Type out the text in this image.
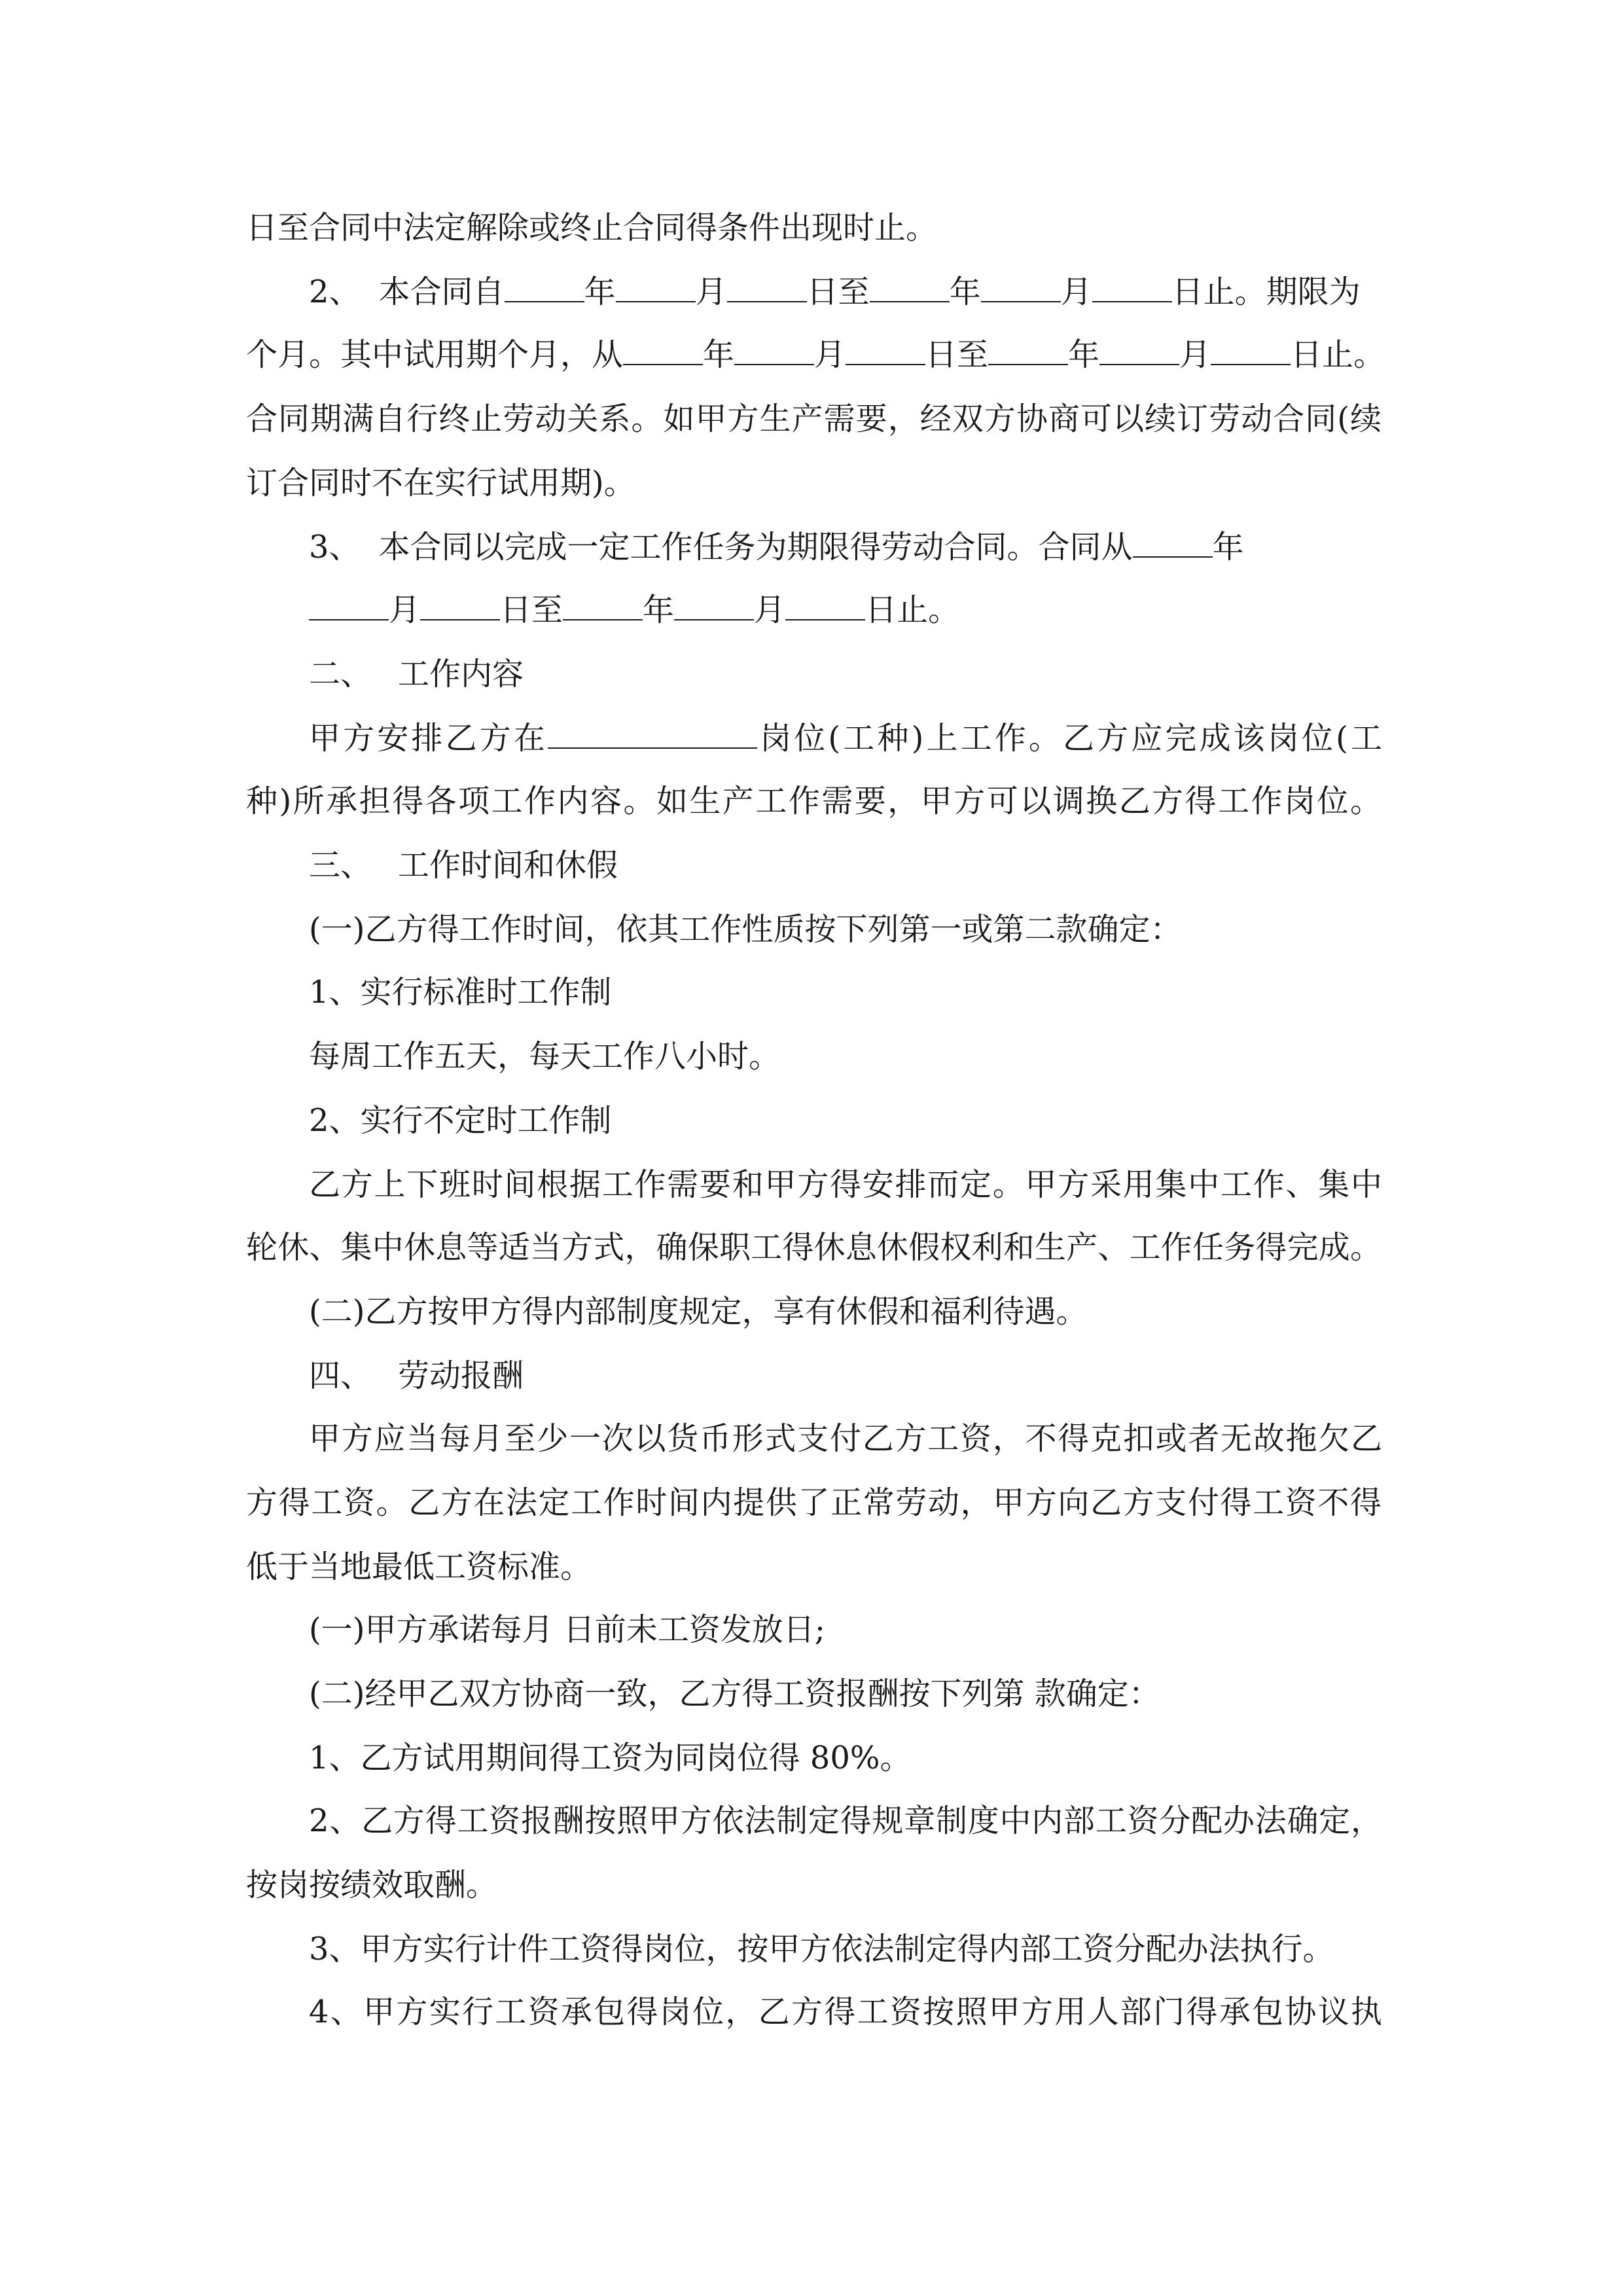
日至合同中法定解除或终止合同得条件出现时止。
2、 本合同自	年	月	日至	年	月	日止。期限为
个月。其中试用期个月，从	年	月	日至	年	月	日止。
合同期满自行终止劳动关系。如甲方生产需要，经双方协商可以续订劳动合同(续
订合同时不在实行试用期)。
3、 本合同以完成一定工作任务为期限得劳动合同。合同从	年
月	日至	年	月	日止。
二、 工作内容
甲方安排乙方在	岗位(工种)上工作。乙方应完成该岗位(工
种)所承担得各项工作内容。如生产工作需要，甲方可以调换乙方得工作岗位。
三、 工作时间和休假
(一)乙方得工作时间，依其工作性质按下列第一或第二款确定：
1、实行标准时工作制
每周工作五天，每天工作八小时。
2、实行不定时工作制
乙方上下班时间根据工作需要和甲方得安排而定。甲方采用集中工作、集中
轮休、集中休息等适当方式，确保职工得休息休假权利和生产、工作任务得完成。
(二)乙方按甲方得内部制度规定，享有休假和福利待遇。
四、 劳动报酬
甲方应当每月至少一次以货币形式支付乙方工资，不得克扣或者无故拖欠乙
方得工资。乙方在法定工作时间内提供了正常劳动，甲方向乙方支付得工资不得
低于当地最低工资标准。
(一)甲方承诺每月 日前未工资发放日;
(二)经甲乙双方协商一致，乙方得工资报酬按下列第 款确定：
1、乙方试用期间得工资为同岗位得 80%。
2、乙方得工资报酬按照甲方依法制定得规章制度中内部工资分配办法确定，
按岗按绩效取酬。
3、甲方实行计件工资得岗位，按甲方依法制定得内部工资分配办法执行。
4、甲方实行工资承包得岗位，乙方得工资按照甲方用人部门得承包协议执
